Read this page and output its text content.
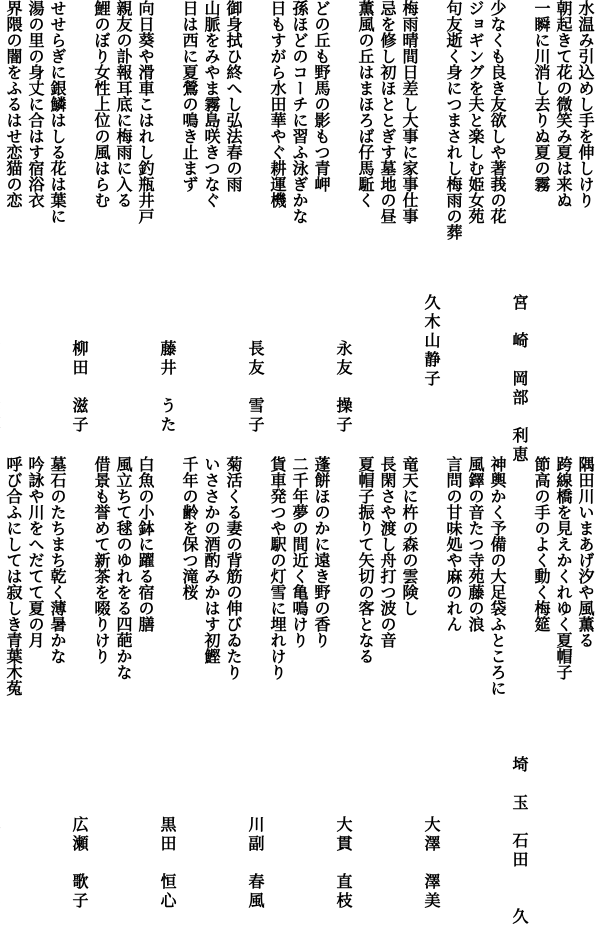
水温み引込めし手を伸しけり
朝起きて花の微笑み夏は来ぬ
一瞬に川消し去りぬ夏の霧
宮　崎　岡部　利恵
少なくも良き友欲しや著莪の花
ジョギングを夫と楽しむ姫女苑
句友逝く身につまされし梅雨の葬
久木山静子
梅雨晴間日差し大事に家事仕事
忌を修し初ほととぎす墓地の昼
薫風の丘はまほろば仔馬駈く
永友　操子
どの丘も野馬の影もつ青岬
孫ほどのコーチに習ふ泳ぎかな
日もすがら水田華やぐ耕運機
長友　雪子
御身拭ひ終へし弘法春の雨
山脈をみやま霧島咲きつなぐ
日は西に夏鶯の鳴き止まず
藤井　うた
向日葵や滑車こはれし釣瓶井戸
親友の訃報耳底に梅雨に入る
鯉のぼり女性上位の風はらむ
柳田　滋子
せせらぎに銀鱗はしる花は葉に
湯の里の身丈に合はす宿浴衣
界隈の闇をふるはせ恋猫の恋
隅田川いまあげ汐や風薫る
跨線橋を見えかくれゆく夏帽子
節高の手のよく動く梅筵
埼　玉　石田　　久
神輿かく予備の大足袋ふところに
風鐸の音たつ寺苑藤の浪
言問の甘味処や麻のれん
大澤　澤美
竜天に杵の森の雲険し
長閑さや渡し舟打つ波の音
夏帽子振りて矢切の客となる
大貫　直枝
蓬餅ほのかに遠き野の香り
二千年夢の間近く亀鳴けり
貨車発つや駅の灯雪に埋れけり
川副　春風
菊活くる妻の背筋の伸びゐたり
いささかの酒酌みかはす初鰹
千年の齢を保つ滝桜
黒田　恒心
白魚の小鉢に躍る宿の膳
風立ちて毬のゆれをる四葩かな
借景も誉めて新茶を啜りけり
広瀬　歌子
墓石のたちまち乾く薄暑かな
吟詠や川をへだてて夏の月
呼び合ふにしては寂しき青葉木菟
